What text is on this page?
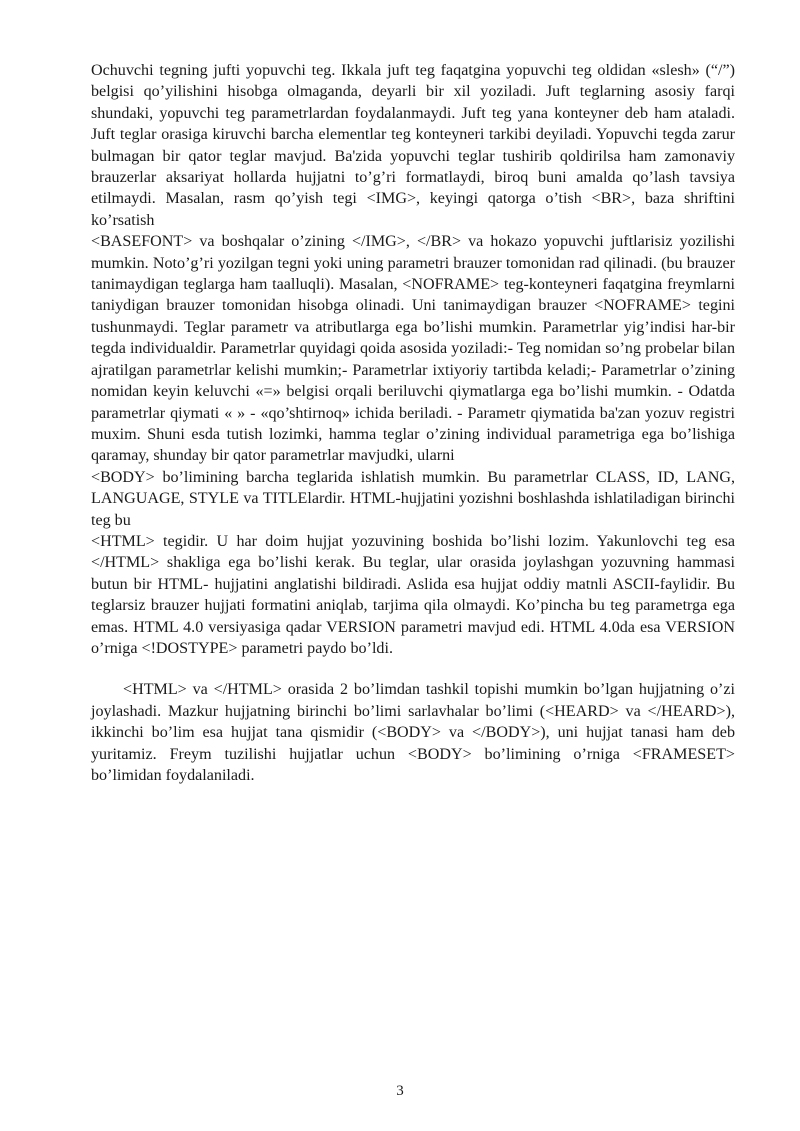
Ochuvchi tegning jufti yopuvchi teg. Ikkala juft teg faqatgina yopuvchi teg oldidan «slesh» (“/”) belgisi qo’yilishini hisobga olmaganda, deyarli bir xil yoziladi. Juft teglarning asosiy farqi shundaki, yopuvchi teg parametrlardan foydalanmaydi. Juft teg yana konteyner deb ham ataladi. Juft teglar orasiga kiruvchi barcha elementlar teg konteyneri tarkibi deyiladi. Yopuvchi tegda zarur bulmagan bir qator teglar mavjud. Ba'zida yopuvchi teglar tushirib qoldirilsa ham zamonaviy brauzerlar aksariyat hollarda hujjatni to’g’ri formatlaydi, biroq buni amalda qo’lash tavsiya etilmaydi. Masalan, rasm qo’yish tegi <IMG>, keyingi qatorga o’tish <BR>, baza shriftini ko’rsatish
<BASEFONT> va boshqalar o’zining </IMG>, </BR> va hokazo yopuvchi juftlarisiz yozilishi mumkin. Noto’g’ri yozilgan tegni yoki uning parametri brauzer tomonidan rad qilinadi. (bu brauzer tanimaydigan teglarga ham taalluqli). Masalan, <NOFRAME> teg-konteyneri faqatgina freymlarni taniydigan brauzer tomonidan hisobga olinadi. Uni tanimaydigan brauzer <NOFRAME> tegini tushunmaydi. Teglar parametr va atributlarga ega bo’lishi mumkin. Parametrlar yig’indisi har-bir tegda individualdir. Parametrlar quyidagi qoida asosida yoziladi:- Teg nomidan so’ng probelar bilan ajratilgan parametrlar kelishi mumkin;- Parametrlar ixtiyoriy tartibda keladi;- Parametrlar o’zining nomidan keyin keluvchi «=» belgisi orqali beriluvchi qiymatlarga ega bo’lishi mumkin. - Odatda parametrlar qiymati « » - «qo’shtirnoq» ichida beriladi. - Parametr qiymatida ba'zan yozuv registri muxim. Shuni esda tutish lozimki, hamma teglar o’zining individual parametriga ega bo’lishiga qaramay, shunday bir qator parametrlar mavjudki, ularni
<BODY> bo’limining barcha teglarida ishlatish mumkin. Bu parametrlar CLASS, ID, LANG, LANGUAGE, STYLE va TITLElardir. HTML-hujjatini yozishni boshlashda ishlatiladigan birinchi teg bu
<HTML> tegidir. U har doim hujjat yozuvining boshida bo’lishi lozim. Yakunlovchi teg esa </HTML> shakliga ega bo’lishi kerak. Bu teglar, ular orasida joylashgan yozuvning hammasi butun bir HTML- hujjatini anglatishi bildiradi. Aslida esa hujjat oddiy matnli ASCII-faylidir. Bu teglarsiz brauzer hujjati formatini aniqlab, tarjima qila olmaydi. Ko’pincha bu teg parametrga ega emas. HTML 4.0 versiyasiga qadar VERSION parametri mavjud edi. HTML 4.0da esa VERSION o’rniga <!DOSTYPE> parametri paydo bo’ldi.

<HTML> va </HTML> orasida 2 bo’limdan tashkil topishi mumkin bo’lgan hujjatning o’zi joylashadi. Mazkur hujjatning birinchi bo’limi sarlavhalar bo’limi (<HEARD> va </HEARD>), ikkinchi bo’lim esa hujjat tana qismidir (<BODY> va </BODY>), uni hujjat tanasi ham deb yuritamiz. Freym tuzilishi hujjatlar uchun <BODY> bo’limining o’rniga <FRAMESET> bo’limidan foydalaniladi.

3
